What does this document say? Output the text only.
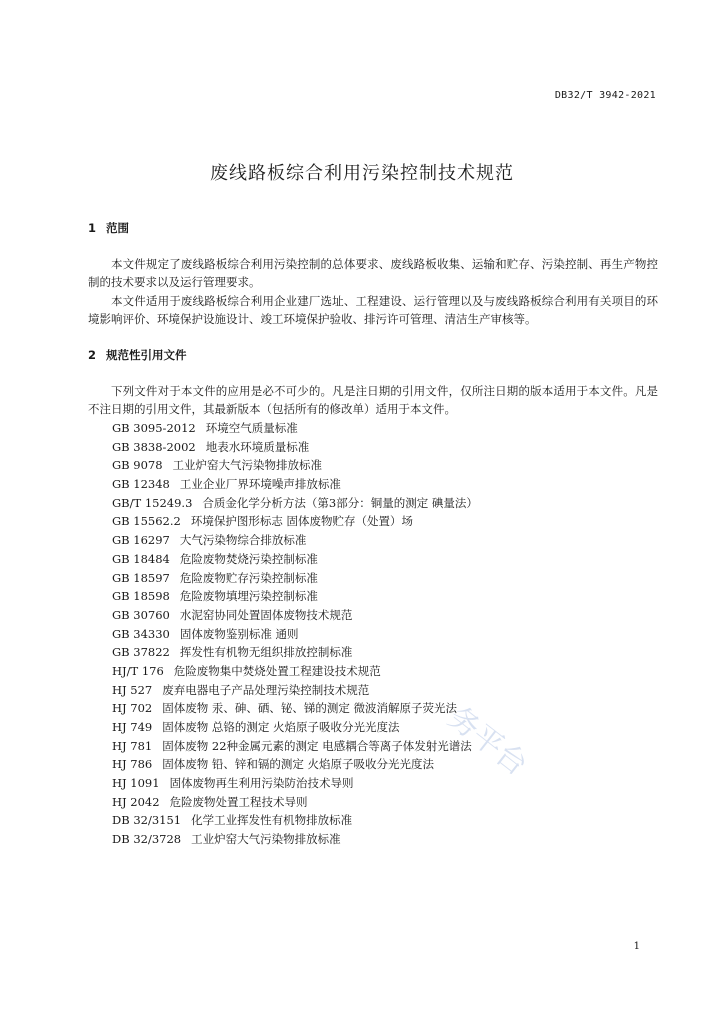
DB32/T 3942-2021
废线路板综合利用污染控制技术规范
1 范围

本文件规定了废线路板综合利用污染控制的总体要求、废线路板收集、运输和贮存、污染控制、再生产物控制的技术要求以及运行管理要求。

本文件适用于废线路板综合利用企业建厂选址、工程建设、运行管理以及与废线路板综合利用有关项目的环境影响评价、环境保护设施设计、竣工环境保护验收、排污许可管理、清洁生产审核等。

2 规范性引用文件

下列文件对于本文件的应用是必不可少的。凡是注日期的引用文件，仅所注日期的版本适用于本文件。凡是不注日期的引用文件，其最新版本（包括所有的修改单）适用于本文件。

GB 3095-2012 环境空气质量标准
GB 3838-2002 地表水环境质量标准
GB 9078 工业炉窑大气污染物排放标准
GB 12348 工业企业厂界环境噪声排放标准
GB/T 15249.3 合质金化学分析方法（第3部分：铜量的测定 碘量法）
GB 15562.2 环境保护图形标志 固体废物贮存（处置）场
GB 16297 大气污染物综合排放标准
GB 18484 危险废物焚烧污染控制标准
GB 18597 危险废物贮存污染控制标准
GB 18598 危险废物填埋污染控制标准
GB 30760 水泥窑协同处置固体废物技术规范
GB 34330 固体废物鉴别标准 通则
GB 37822 挥发性有机物无组织排放控制标准
HJ/T 176 危险废物集中焚烧处置工程建设技术规范
HJ 527 废弃电器电子产品处理污染控制技术规范
HJ 702 固体废物 汞、砷、硒、铋、锑的测定 微波消解原子荧光法
HJ 749 固体废物 总铬的测定 火焰原子吸收分光光度法
HJ 781 固体废物 22种金属元素的测定 电感耦合等离子体发射光谱法
HJ 786 固体废物 铅、锌和镉的测定 火焰原子吸收分光光度法
HJ 1091 固体废物再生利用污染防治技术导则
HJ 2042 危险废物处置工程技术导则
DB 32/3151 化学工业挥发性有机物排放标准
DB 32/3728 工业炉窑大气污染物排放标准
1
务平台
